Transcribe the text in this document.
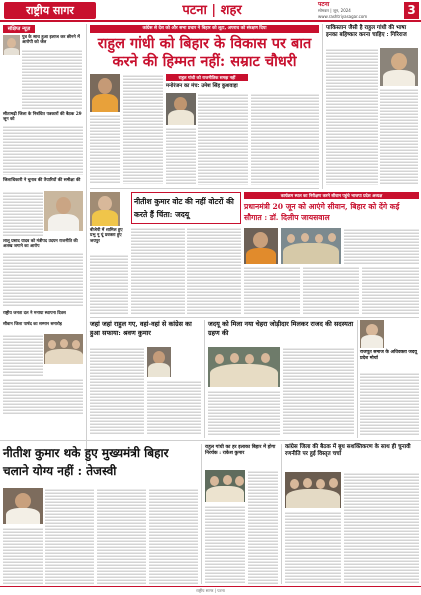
राष्ट्रीय सागर	पटना | शहर	पटना
सोमवार | जून, 2024
www.rashtriyasagar.com	3
संक्षिप्त न्यूज़
पुत्र के साथ हुआ इलाज कर छीनने में आरोपी को जेल
सीतामढ़ी जिला के निबंधित पत्रकारों की बैठक 29 जून को
जिलाधिकारी ने चुनाव की तैयारियों की समीक्षा की
लालू प्रसाद यादव को मंत्रीपद उदयन राजनीति की अलख जगाने का आरोप
राष्ट्रीय जनता दल ने मनाया स्थापना दिवस
सीवान जिला पार्षद का सम्मान समारोह
कांग्रेस से देश को और सभा प्रचार ने बिहार को लूटा, अपराध को संरक्षण दिया
राहुल गांधी को बिहार के विकास पर बात करने की हिम्मत नहीं: सम्राट चौधरी
राहुल गांधी को राजनीतिक समझ नहीं
मनोरंजन का मंच: उमेश सिंह कुशवाहा
पाकिस्तान जैसी है राहुल गांधी की भाषा इनका बहिष्कार करना चाहिए : गिरिराज
बीजेपी में शामिल हुए प्रभु नू यूं प्रवक्ता हुए जयपुर
नीतीश कुमार वोट की नहीं वोटरों की करते हैं चिंता: जदयू
कार्यक्रम स्थल का निरीक्षण करने सीवान पहुंचे भाजपा प्रदेश अध्यक्ष
प्रधानमंत्री 20 जून को आएंगे सीवान, बिहार को देंगे कई सौगात : डॉ. दिलीप जायसवाल
जहां जहां राहुल गए, वहां-वहां से कांग्रेस का हुआ सफाया: श्रवण कुमार
जदयू को मिला नया चेहरा जोड़ीदार मिलकर राजद की सदस्यता ग्रहण की
राजपूत समाज के अधिवक्ता जदयू प्रदेश मोर्चा
नीतीश कुमार थके हुए मुख्यमंत्री बिहार चलाने योग्य नहीं : तेजस्वी
राहुल गांधी का हर इलाका बिहार में होगा निरर्थक : राकेश कुमार
कांग्रेस जिला की बैठक में बूथ सशक्तिकरण के साथ ही चुनावी रणनीति पर हुई विस्तृत चर्चा
राष्ट्रीय सागर | पटना
